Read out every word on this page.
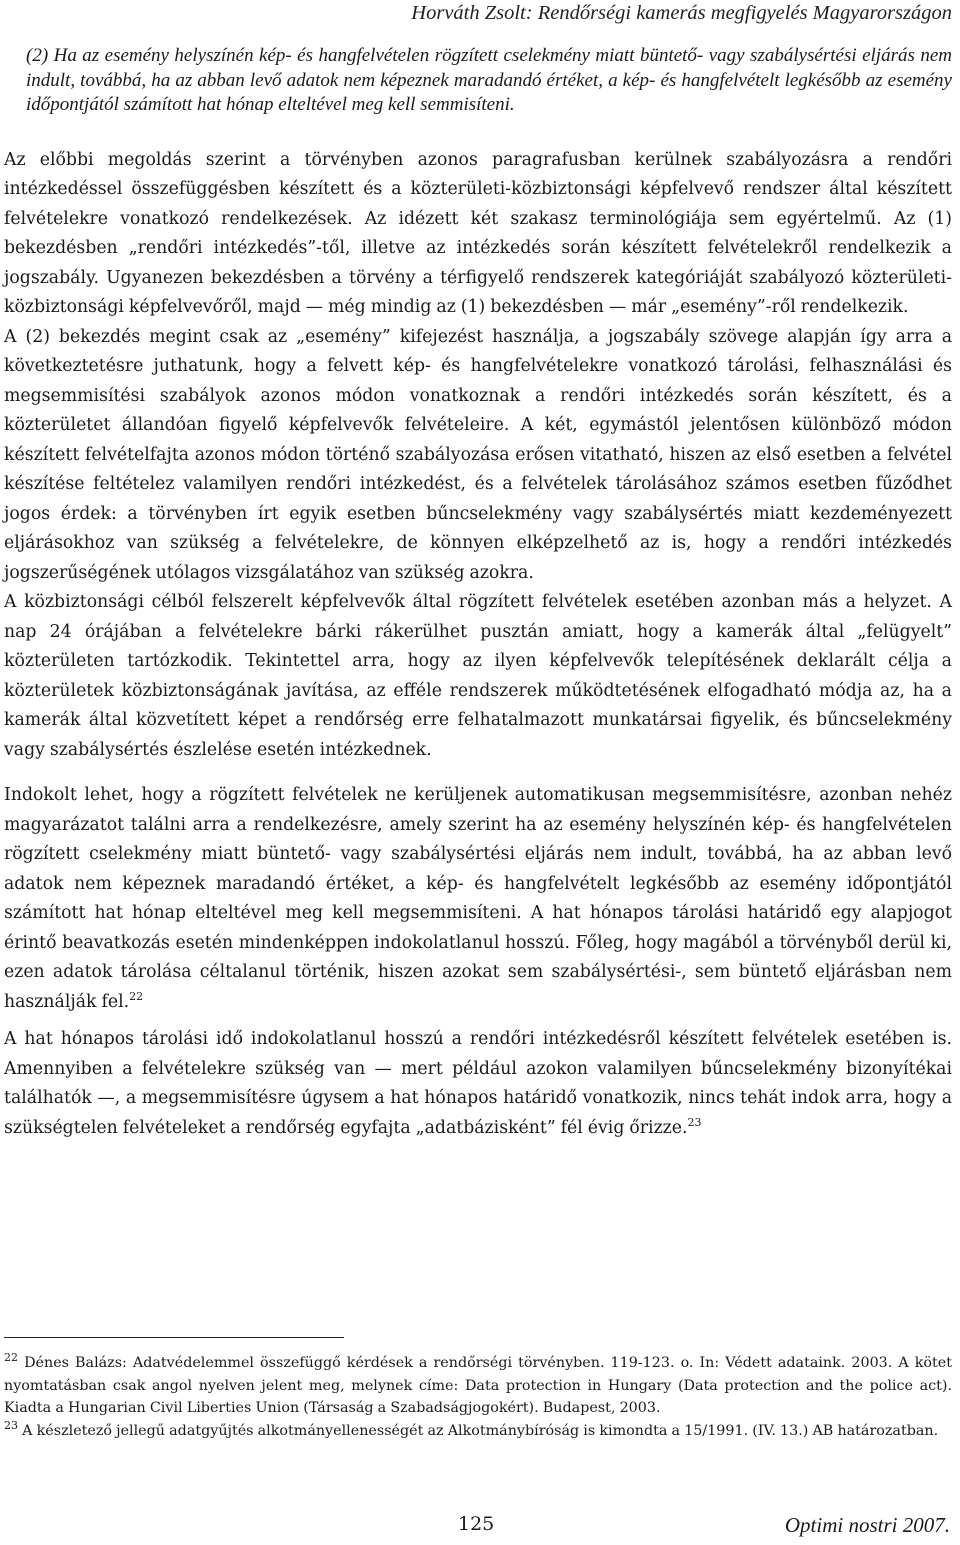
Horváth Zsolt: Rendőrségi kamerás megfigyelés Magyarországon

(2) Ha az esemény helyszínén kép- és hangfelvételen rögzített cselekmény miatt büntető- vagy szabálysértési eljárás nem indult, továbbá, ha az abban levő adatok nem képeznek maradandó értéket, a kép- és hangfelvételt legkésőbb az esemény időpontjától számított hat hónap elteltével meg kell semmisíteni.

Az előbbi megoldás szerint a törvényben azonos paragrafusban kerülnek szabályozásra a rendőri intézkedéssel összefüggésben készített és a közterületi-közbiztonsági képfelvevő rendszer által készített felvételekre vonatkozó rendelkezések. Az idézett két szakasz terminológiája sem egyértelmű. Az (1) bekezdésben „rendőri intézkedés”-től, illetve az intézkedés során készített felvételekről rendelkezik a jogszabály. Ugyanezen bekezdésben a törvény a térfigyelő rendszerek kategóriáját szabályozó közterületi-közbiztonsági képfelvevőről, majd — még mindig az (1) bekezdésben — már „esemény”-ről rendelkezik.

A (2) bekezdés megint csak az „esemény” kifejezést használja, a jogszabály szövege alapján így arra a következtetésre juthatunk, hogy a felvett kép- és hangfelvételekre vonatkozó tárolási, felhasználási és megsemmisítési szabályok azonos módon vonatkoznak a rendőri intézkedés során készített, és a közterületet állandóan figyelő képfelvevők felvételeire. A két, egymástól jelentősen különböző módon készített felvételfajta azonos módon történő szabályozása erősen vitatható, hiszen az első esetben a felvétel készítése feltételez valamilyen rendőri intézkedést, és a felvételek tárolásához számos esetben fűződhet jogos érdek: a törvényben írt egyik esetben bűncselekmény vagy szabálysértés miatt kezdeményezett eljárásokhoz van szükség a felvételekre, de könnyen elképzelhető az is, hogy a rendőri intézkedés jogszerűségének utólagos vizsgálatához van szükség azokra.

A közbiztonsági célból felszerelt képfelvevők által rögzített felvételek esetében azonban más a helyzet. A nap 24 órájában a felvételekre bárki rákerülhet pusztán amiatt, hogy a kamerák által „felügyelt” közterületen tartózkodik. Tekintettel arra, hogy az ilyen képfelvevők telepítésének deklarált célja a közterületek közbiztonságának javítása, az efféle rendszerek működtetésének elfogadható módja az, ha a kamerák által közvetített képet a rendőrség erre felhatalmazott munkatársai figyelik, és bűncselekmény vagy szabálysértés észlelése esetén intézkednek.

Indokolt lehet, hogy a rögzített felvételek ne kerüljenek automatikusan megsemmisítésre, azonban nehéz magyarázatot találni arra a rendelkezésre, amely szerint ha az esemény helyszínén kép- és hangfelvételen rögzített cselekmény miatt büntető- vagy szabálysértési eljárás nem indult, továbbá, ha az abban levő adatok nem képeznek maradandó értéket, a kép- és hangfelvételt legkésőbb az esemény időpontjától számított hat hónap elteltével meg kell megsemmisíteni. A hat hónapos tárolási határidő egy alapjogot érintő beavatkozás esetén mindenképpen indokolatlanul hosszú. Főleg, hogy magából a törvényből derül ki, ezen adatok tárolása céltalanul történik, hiszen azokat sem szabálysértési-, sem büntető eljárásban nem használják fel.$^{22}$

A hat hónapos tárolási idő indokolatlanul hosszú a rendőri intézkedésről készített felvételek esetében is. Amennyiben a felvételekre szükség van — mert például azokon valamilyen bűncselekmény bizonyítékai találhatók —, a megsemmisítésre úgysem a hat hónapos határidő vonatkozik, nincs tehát indok arra, hogy a szükségtelen felvételeket a rendőrség egyfajta „adatbázisként” fél évig őrizze.$^{23}$

$^{22}$ Dénes Balázs: Adatvédelemmel összefüggő kérdések a rendőrségi törvényben. 119-123. o. In: Védett adataink. 2003. A kötet nyomtatásban csak angol nyelven jelent meg, melynek címe: Data protection in Hungary (Data protection and the police act). Kiadta a Hungarian Civil Liberties Union (Társaság a Szabadságjogokért). Budapest, 2003.

$^{23}$ A készletező jellegű adatgyűjtés alkotmányellenességét az Alkotmánybíróság is kimondta a 15/1991. (IV. 13.) AB határozatban.

125	Optimi nostri 2007.
